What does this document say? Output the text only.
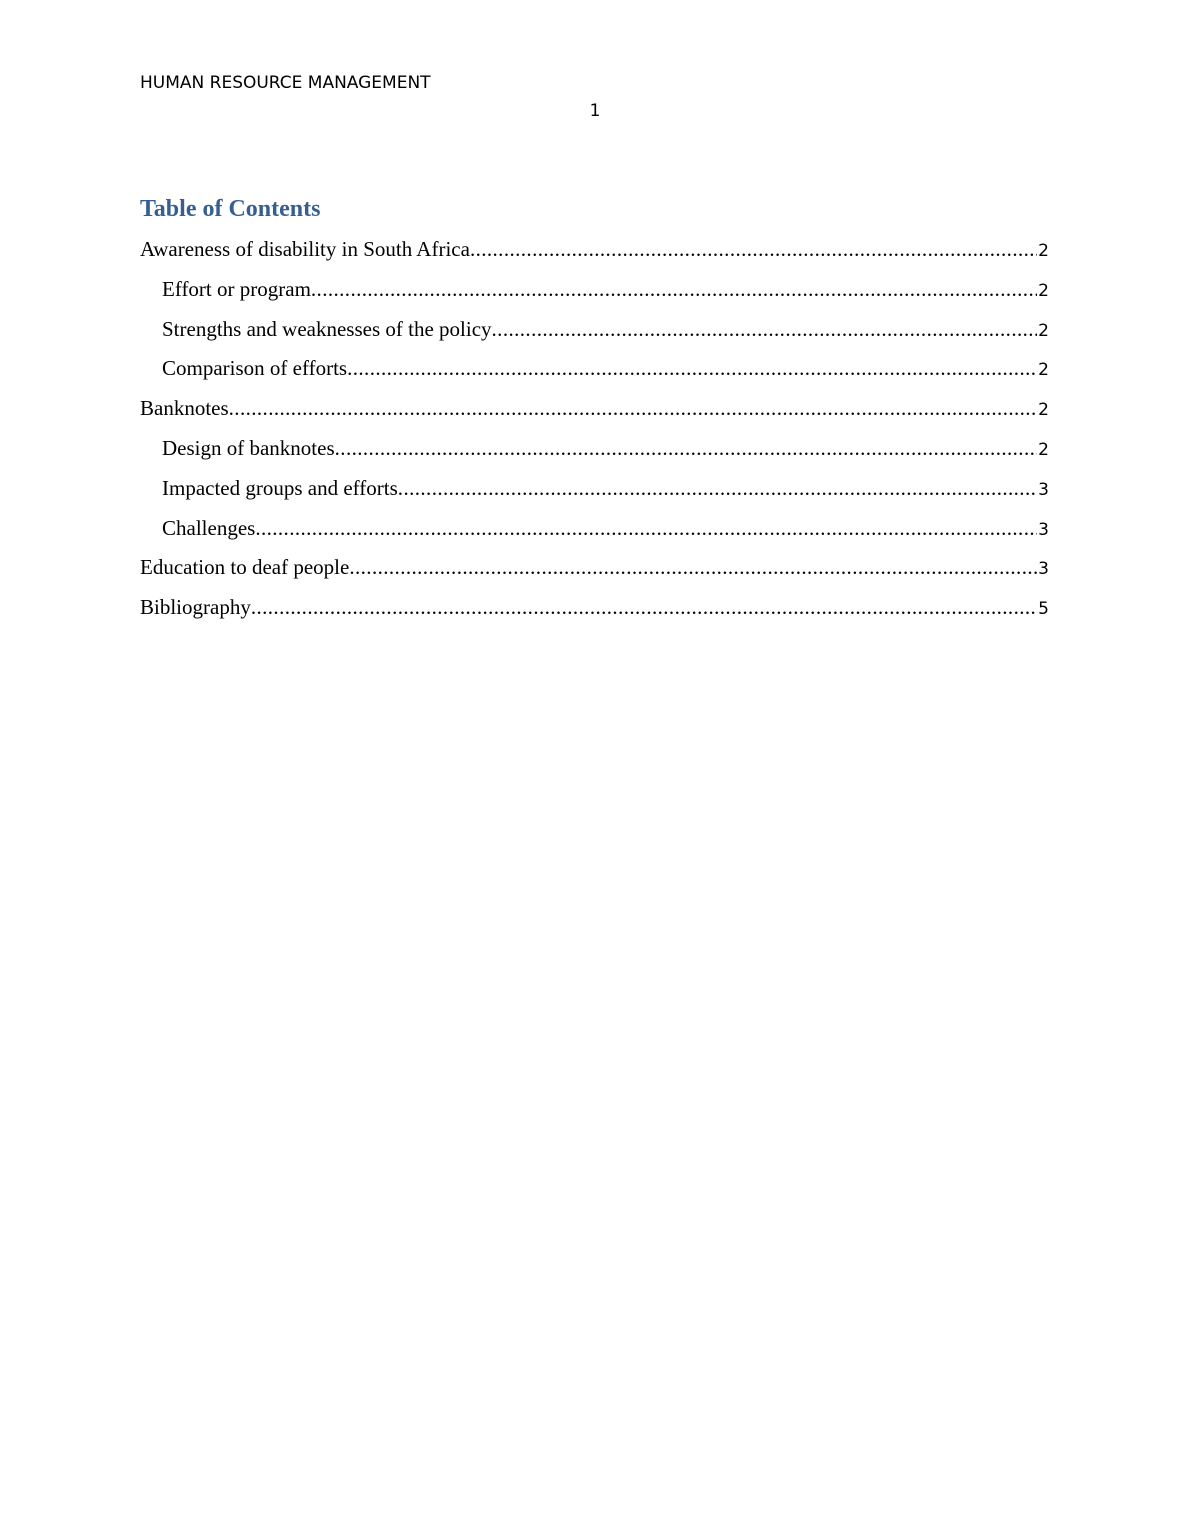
HUMAN RESOURCE MANAGEMENT
1
Table of Contents
Awareness of disability in South Africa .....	2
Effort or program .....	2
Strengths and weaknesses of the policy .....	2
Comparison of efforts .....	2
Banknotes .....	2
Design of banknotes .....	2
Impacted groups and efforts .....	3
Challenges .....	3
Education to deaf people .....	3
Bibliography .....	5
